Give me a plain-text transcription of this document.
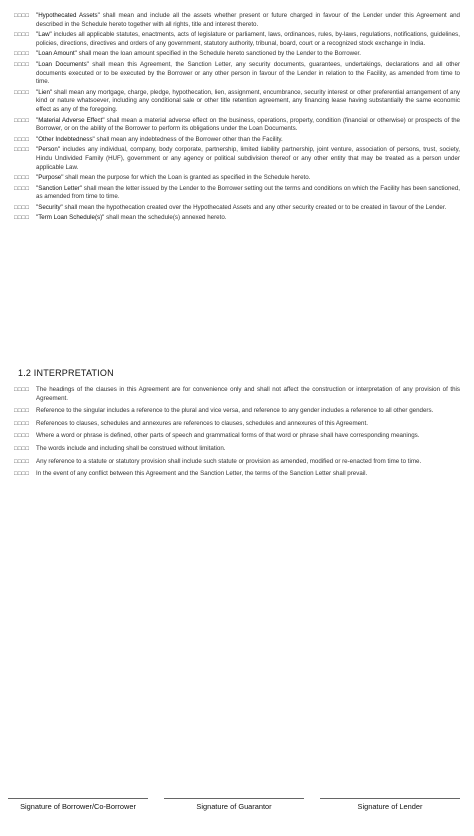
□□□□	"Hypothecated Assets" shall mean and include all the assets whether present or future charged in favour of the Lender under this Agreement and described in the Schedule hereto together with all rights, title and interest thereto.
□□□□	"Law" includes all applicable statutes, enactments, acts of legislature or parliament, laws, ordinances, rules, by-laws, regulations, notifications, guidelines, policies, directions, directives and orders of any government, statutory authority, tribunal, board, court or a recognized stock exchange in India.
□□□□	"Loan Amount" shall mean the loan amount specified in the Schedule hereto sanctioned by the Lender to the Borrower.
□□□□	"Loan Documents" shall mean this Agreement, the Sanction Letter, any security documents, guarantees, undertakings, declarations and all other documents executed or to be executed by the Borrower or any other person in favour of the Lender in relation to the Facility, as amended from time to time.
□□□□	"Lien" shall mean any mortgage, charge, pledge, hypothecation, lien, assignment, encumbrance, security interest or other preferential arrangement of any kind or nature whatsoever, including any conditional sale or other title retention agreement, any financing lease having substantially the same economic effect as any of the foregoing.
□□□□	"Material Adverse Effect" shall mean a material adverse effect on the business, operations, property, condition (financial or otherwise) or prospects of the Borrower, or on the ability of the Borrower to perform its obligations under the Loan Documents.
□□□□	"Other Indebtedness" shall mean any indebtedness of the Borrower other than the Facility.
□□□□	"Person" includes any individual, company, body corporate, partnership, limited liability partnership, joint venture, association of persons, trust, society, Hindu Undivided Family (HUF), government or any agency or political subdivision thereof or any other entity that may be treated as a person under applicable Law.
□□□□	"Purpose" shall mean the purpose for which the Loan is granted as specified in the Schedule hereto.
□□□□	"Sanction Letter" shall mean the letter issued by the Lender to the Borrower setting out the terms and conditions on which the Facility has been sanctioned, as amended from time to time.
□□□□	"Security" shall mean the hypothecation created over the Hypothecated Assets and any other security created or to be created in favour of the Lender.
□□□□	"Term Loan Schedule(s)" shall mean the schedule(s) annexed hereto.
1.2 INTERPRETATION
□□□□	The headings of the clauses in this Agreement are for convenience only and shall not affect the construction or interpretation of any provision of this Agreement.
□□□□	Reference to the singular includes a reference to the plural and vice versa, and reference to any gender includes a reference to all other genders.
□□□□	References to clauses, schedules and annexures are references to clauses, schedules and annexures of this Agreement.
□□□□	Where a word or phrase is defined, other parts of speech and grammatical forms of that word or phrase shall have corresponding meanings.
□□□□	The words include and including shall be construed without limitation.
□□□□	Any reference to a statute or statutory provision shall include such statute or provision as amended, modified or re-enacted from time to time.
□□□□	In the event of any conflict between this Agreement and the Sanction Letter, the terms of the Sanction Letter shall prevail.
Signature of Borrower/Co-Borrower	Signature of Guarantor	Signature of Lender
